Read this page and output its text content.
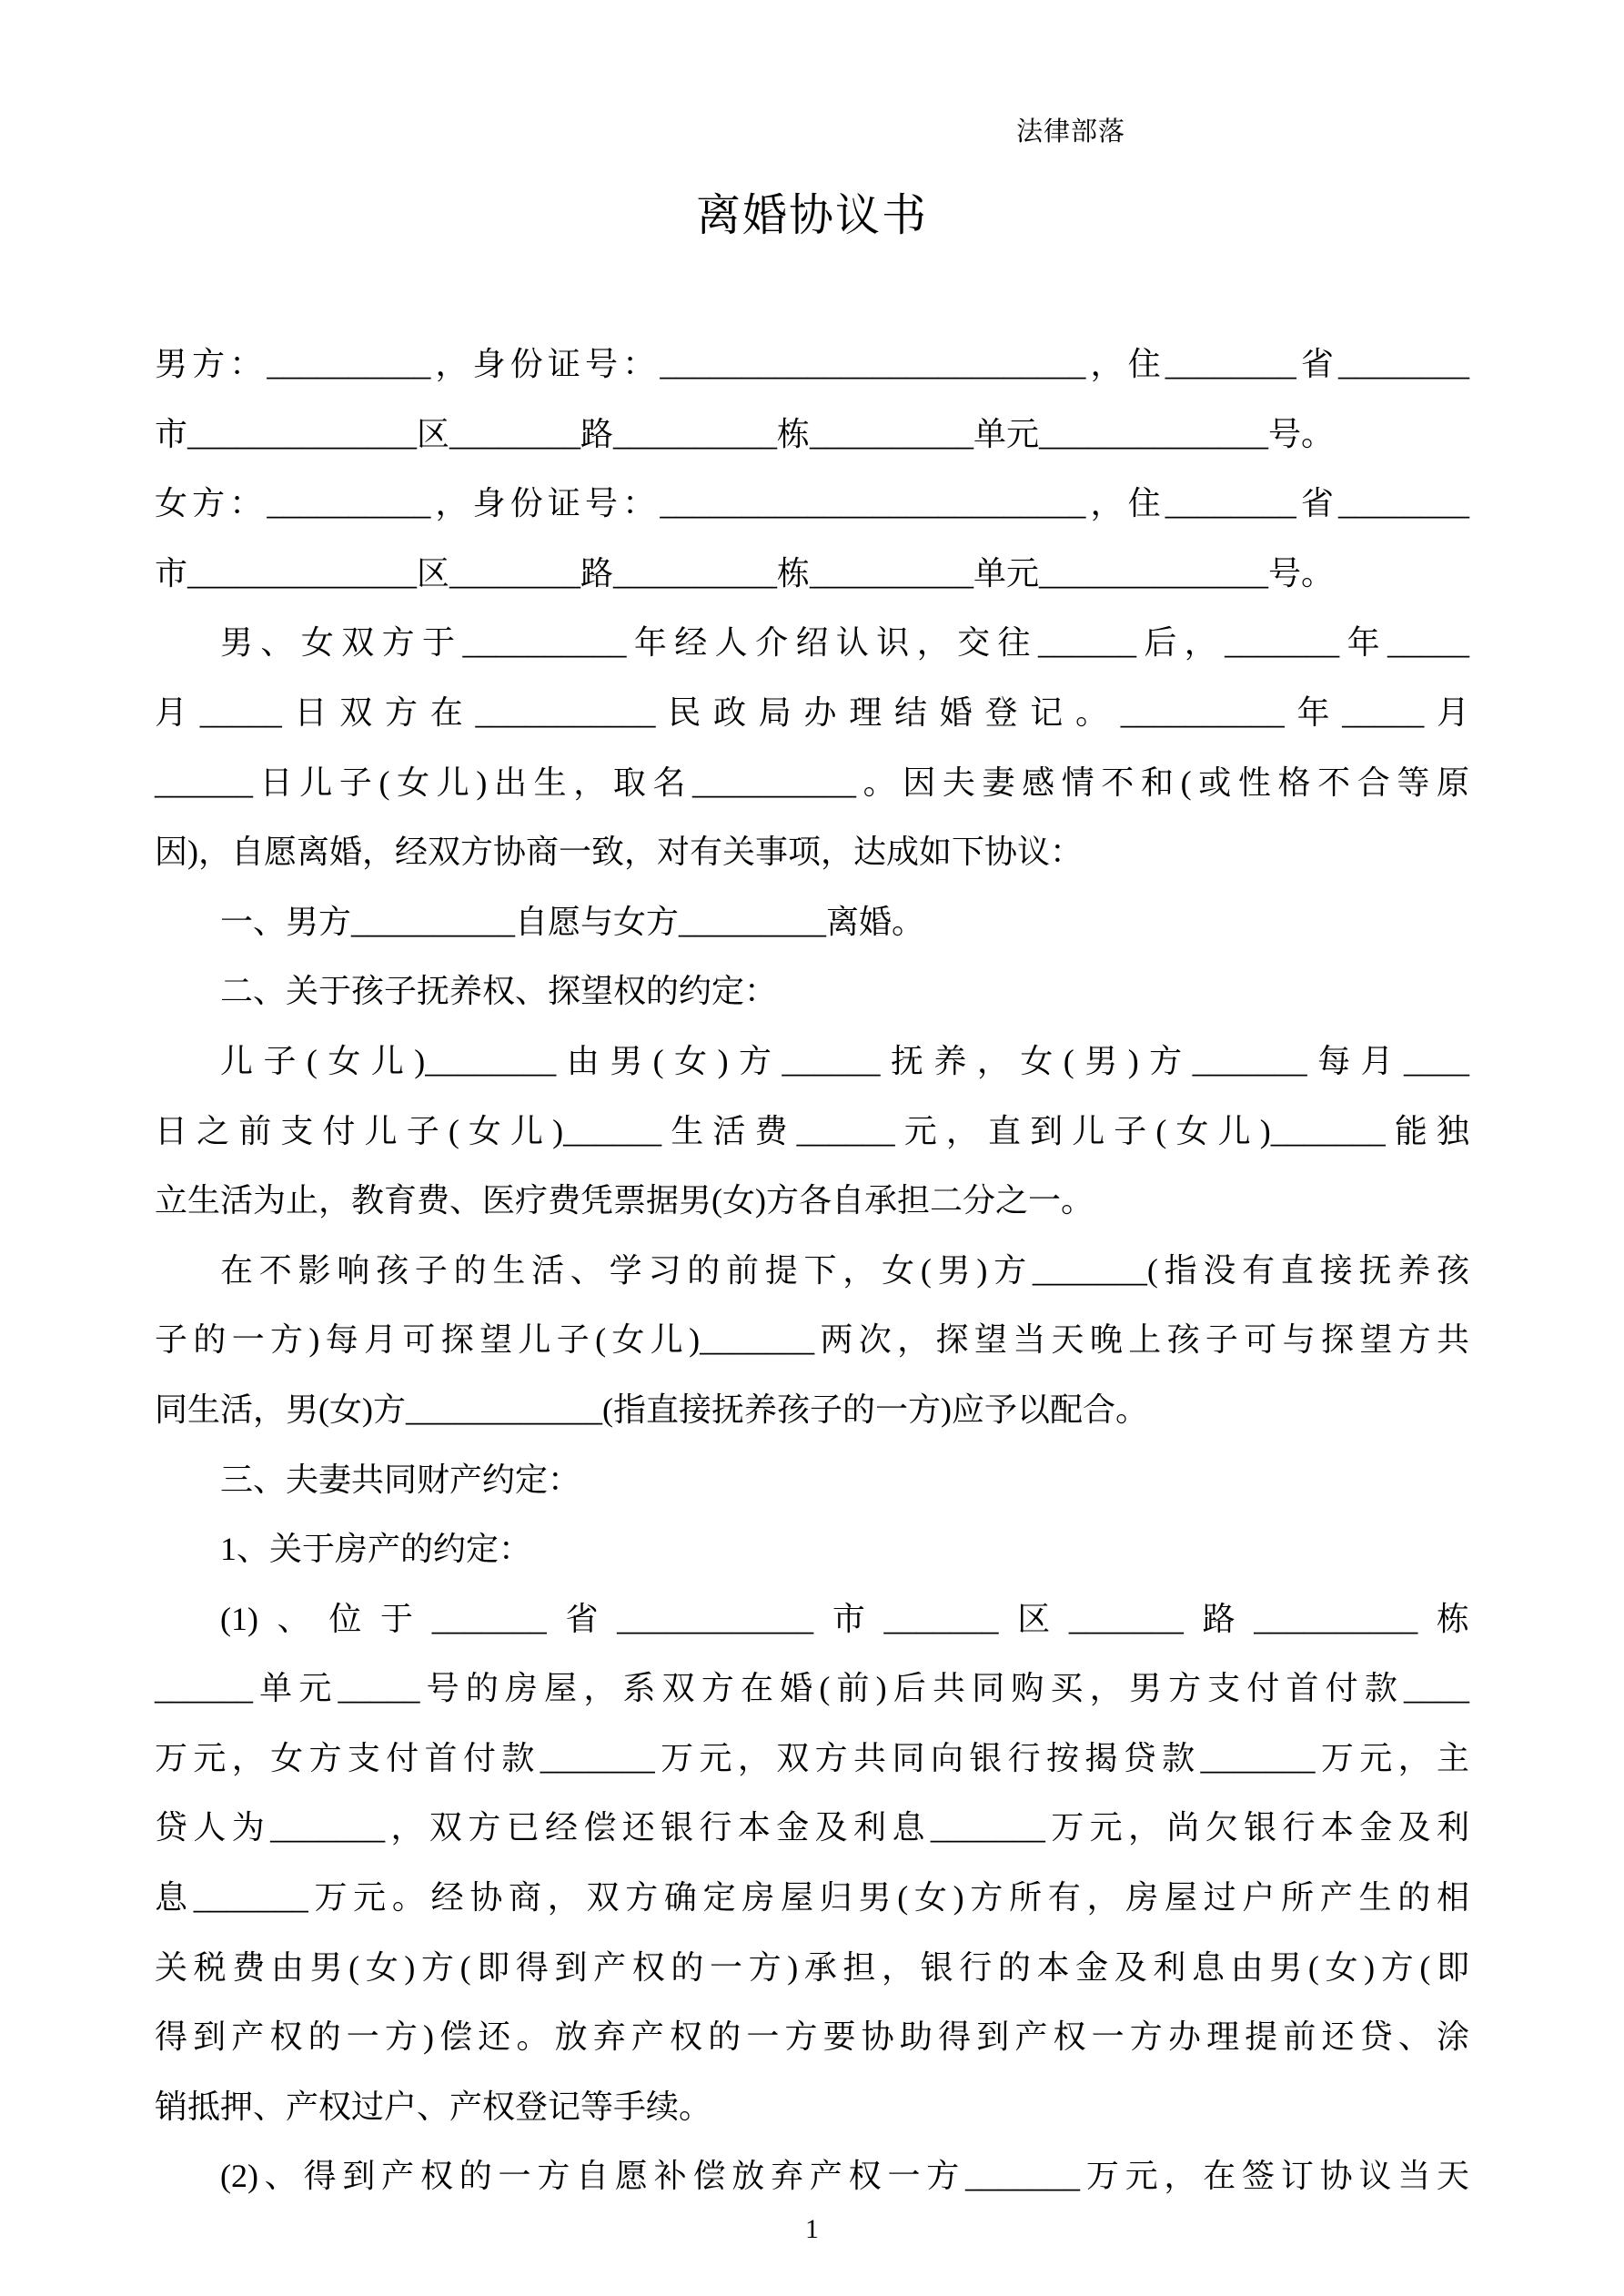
法律部落
离婚协议书
男方：__________，身份证号：__________________________，住________省________
市______________区________路__________栋__________单元______________号。
女方：__________，身份证号：__________________________，住________省________
市______________区________路__________栋__________单元______________号。
男、女双方于__________年经人介绍认识，交往______后，_______年_____
月_____日双方在___________民政局办理结婚登记。__________年_____月
______日儿子(女儿)出生，取名__________。因夫妻感情不和(或性格不合等原
因)，自愿离婚，经双方协商一致，对有关事项，达成如下协议：
一、男方__________自愿与女方_________离婚。
二、关于孩子抚养权、探望权的约定：
儿子(女儿)________由男(女)方______抚养，女(男)方_______每月____
日之前支付儿子(女儿)______生活费______元，直到儿子(女儿)_______能独
立生活为止，教育费、医疗费凭票据男(女)方各自承担二分之一。
在不影响孩子的生活、学习的前提下，女(男)方_______(指没有直接抚养孩
子的一方)每月可探望儿子(女儿)_______两次，探望当天晚上孩子可与探望方共
同生活，男(女)方____________(指直接抚养孩子的一方)应予以配合。
三、夫妻共同财产约定：
1、关于房产的约定：
(1)、位于_______省____________市_______区_______路__________栋
______单元_____号的房屋，系双方在婚(前)后共同购买，男方支付首付款____
万元，女方支付首付款_______万元，双方共同向银行按揭贷款_______万元，主
贷人为_______，双方已经偿还银行本金及利息_______万元，尚欠银行本金及利
息_______万元。经协商，双方确定房屋归男(女)方所有，房屋过户所产生的相
关税费由男(女)方(即得到产权的一方)承担，银行的本金及利息由男(女)方(即
得到产权的一方)偿还。放弃产权的一方要协助得到产权一方办理提前还贷、涂
销抵押、产权过户、产权登记等手续。
(2)、得到产权的一方自愿补偿放弃产权一方_______万元，在签订协议当天
1
